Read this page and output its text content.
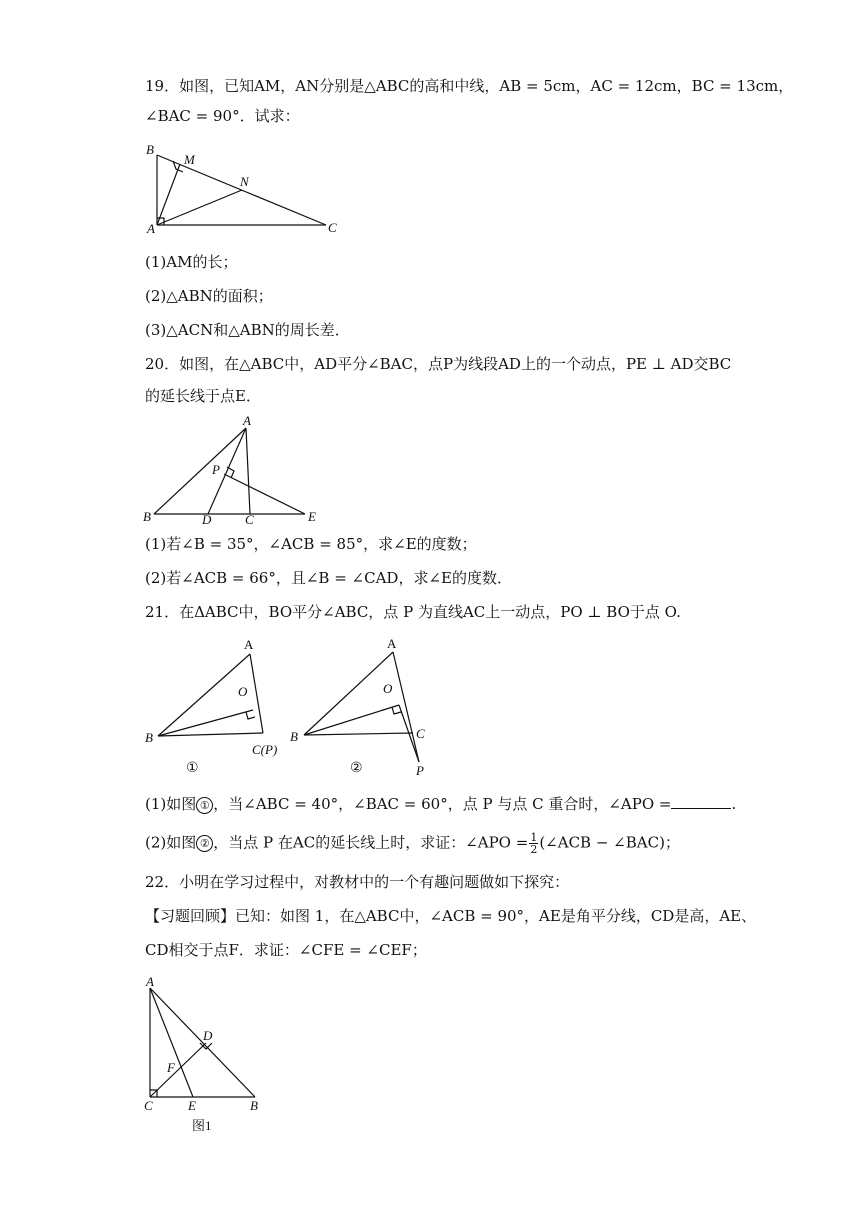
19．如图，已知AM，AN分别是△ABC的高和中线，AB = 5cm，AC = 12cm，BC = 13cm，
∠BAC = 90°．试求：
B
M
N
A	C
(1)AM的长；
(2)△ABN的面积；
(3)△ACN和△ABN的周长差．
20．如图，在△ABC中，AD平分∠BAC，点P为线段AD上的一个动点，PE ⊥ AD交BC
的延长线于点E．
A
P
B	D	C	E
(1)若∠B = 35°，∠ACB = 85°，求∠E的度数；
(2)若∠ACB = 66°，且∠B = ∠CAD，求∠E的度数．
21．在ΔABC中，BO平分∠ABC，点 P 为直线AC上一动点，PO ⊥ BO于点 O.
A
O
B
C(P)
①
A
O
B	C
P
②
(1)如图 ① ，当∠ABC = 40°，∠BAC = 60°，点 P 与点 C 重合时，∠APO =	.
(2)如图 ② ，当点 P 在AC的延长线上时，求证：∠APO = $\frac{1}{2}$ (∠ACB − ∠BAC)；
22．小明在学习过程中，对教材中的一个有趣问题做如下探究：
【习题回顾】已知：如图 1，在△ABC中，∠ACB = 90°，AE是角平分线，CD是高，AE、
CD相交于点F．求证：∠CFE = ∠CEF；
A
D
F
C	E	B
图1
